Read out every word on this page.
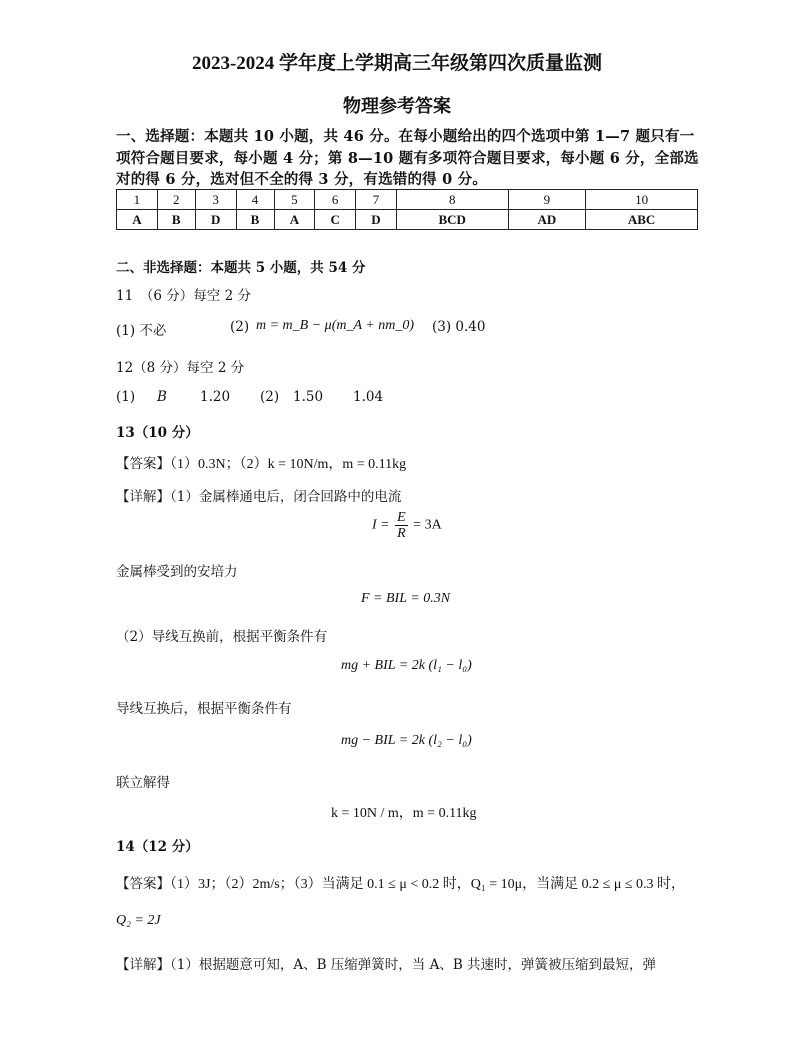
2023-2024 学年度上学期高三年级第四次质量监测
物理参考答案
一、选择题：本题共 10 小题，共 46 分。在每小题给出的四个选项中第 1—7 题只有一项符合题目要求，每小题 4 分；第 8—10 题有多项符合题目要求，每小题 6 分，全部选对的得 6 分，选对但不全的得 3 分，有选错的得 0 分。
1	2	3	4	5	6	7	8	9	10
A	B	D	B	A	C	D	BCD	AD	ABC
二、非选择题：本题共 5 小题，共 54 分
11　（6 分）每空 2 分
(1) 不必	(2) m = m_B − μ(m_A + nm_0) (3) 0.40
12（8 分）每空 2 分
(1) B 1.20 (2) 1.50 1.04
13（10 分）
【答案】（1）0.3N；（2）k = 10N/m，m = 0.11kg
【详解】（1）金属棒通电后，闭合回路中的电流
$I = \frac{E}{R} = 3A$
金属棒受到的安培力
F = BIL = 0.3N
（2）导线互换前，根据平衡条件有
mg + BIL = 2k (l₁ − l₀)
导线互换后，根据平衡条件有
mg − BIL = 2k (l₂ − l₀)
联立解得
k = 10N / m，m = 0.11kg
14（12 分）
【答案】（1）3J；（2）2m/s；（3）当满足 0.1 ≤ μ < 0.2 时，Q₁ = 10μ，当满足 0.2 ≤ μ ≤ 0.3 时，
Q₂ = 2J
【详解】（1）根据题意可知，A、B 压缩弹簧时，当 A、B 共速时，弹簧被压缩到最短，弹
